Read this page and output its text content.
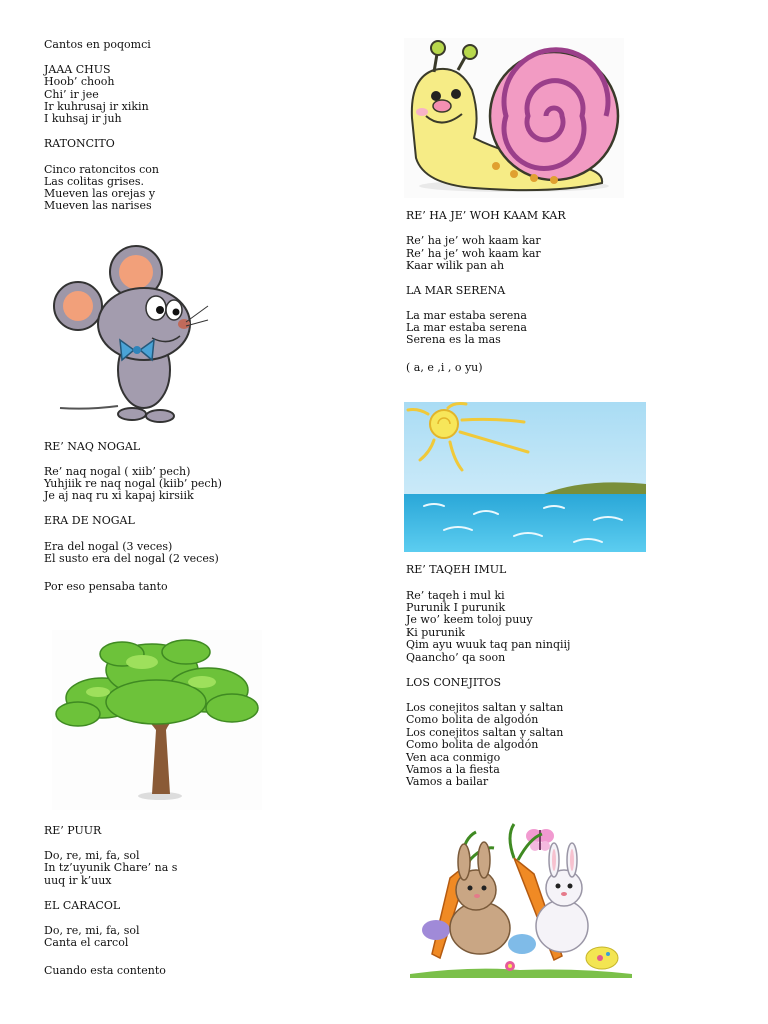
Cantos en poqomci
JAAA CHUS
Hoob’ chooh
Chi’ ir jee
Ir kuhrusaj ir xikin
I kuhsaj ir juh
RATONCITO
Cinco ratoncitos con
Las colitas grises.
Mueven las orejas y
Mueven las narises
RE’ NAQ NOGAL
Re’ naq nogal ( xiib’ pech)
Yuhjiik re naq nogal (kiib’ pech)
Je aj naq ru xi kapaj kirsiik
ERA DE NOGAL
Era del nogal (3 veces)
El susto era del nogal (2 veces)
Por eso pensaba tanto
RE’ PUUR
Do, re, mi, fa, sol
In tz’uyunik Chare’ na s
uuq ir k’uux
EL CARACOL
Do, re, mi, fa, sol
Canta el carcol
Cuando esta contento
RE’ HA JE’ WOH KAAM KAR
Re’ ha je’ woh kaam kar
Re’ ha je’ woh kaam kar
Kaar wilik pan ah
LA MAR SERENA
La mar estaba serena
La mar estaba serena
Serena es la mas
( a, e ,i , o yu)
RE’ TAQEH IMUL
Re’ taqeh i mul ki
Purunik I purunik
Je wo’ keem toloj puuy
Ki purunik
Qim ayu wuuk taq pan ninqiij
Qaancho’ qa soon
LOS CONEJITOS
Los conejitos saltan y saltan
Como bolita de algodón
Los conejitos saltan y saltan
Como bolita de algodón
Ven aca conmigo
Vamos a la fiesta
Vamos a bailar
